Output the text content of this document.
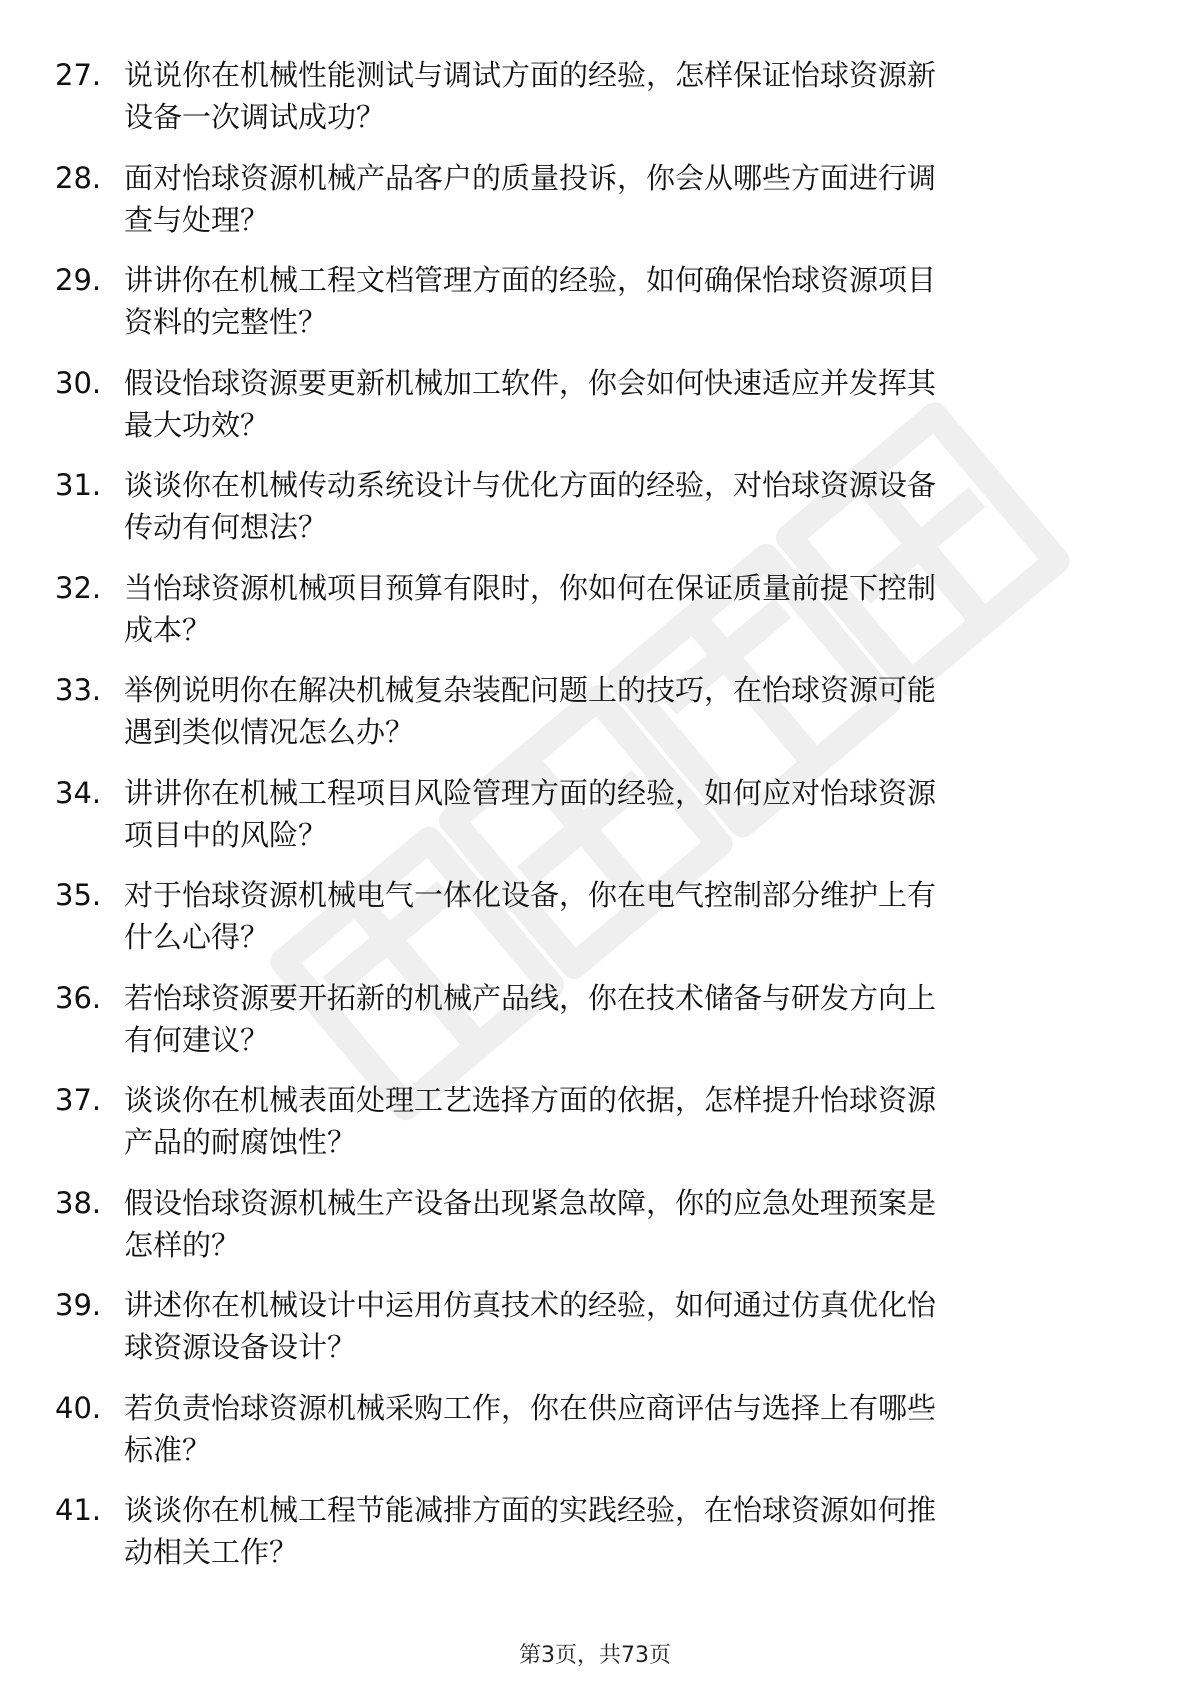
27. 说说你在机械性能测试与调试方面的经验，怎样保证怡球资源新
设备一次调试成功？
28. 面对怡球资源机械产品客户的质量投诉，你会从哪些方面进行调
查与处理？
29. 讲讲你在机械工程文档管理方面的经验，如何确保怡球资源项目
资料的完整性？
30. 假设怡球资源要更新机械加工软件，你会如何快速适应并发挥其
最大功效？
31. 谈谈你在机械传动系统设计与优化方面的经验，对怡球资源设备
传动有何想法？
32. 当怡球资源机械项目预算有限时，你如何在保证质量前提下控制
成本？
33. 举例说明你在解决机械复杂装配问题上的技巧，在怡球资源可能
遇到类似情况怎么办？
34. 讲讲你在机械工程项目风险管理方面的经验，如何应对怡球资源
项目中的风险？
35. 对于怡球资源机械电气一体化设备，你在电气控制部分维护上有
什么心得？
36. 若怡球资源要开拓新的机械产品线，你在技术储备与研发方向上
有何建议？
37. 谈谈你在机械表面处理工艺选择方面的依据，怎样提升怡球资源
产品的耐腐蚀性？
38. 假设怡球资源机械生产设备出现紧急故障，你的应急处理预案是
怎样的？
39. 讲述你在机械设计中运用仿真技术的经验，如何通过仿真优化怡
球资源设备设计？
40. 若负责怡球资源机械采购工作，你在供应商评估与选择上有哪些
标准？
41. 谈谈你在机械工程节能减排方面的实践经验，在怡球资源如何推
动相关工作？
第3页，共73页
